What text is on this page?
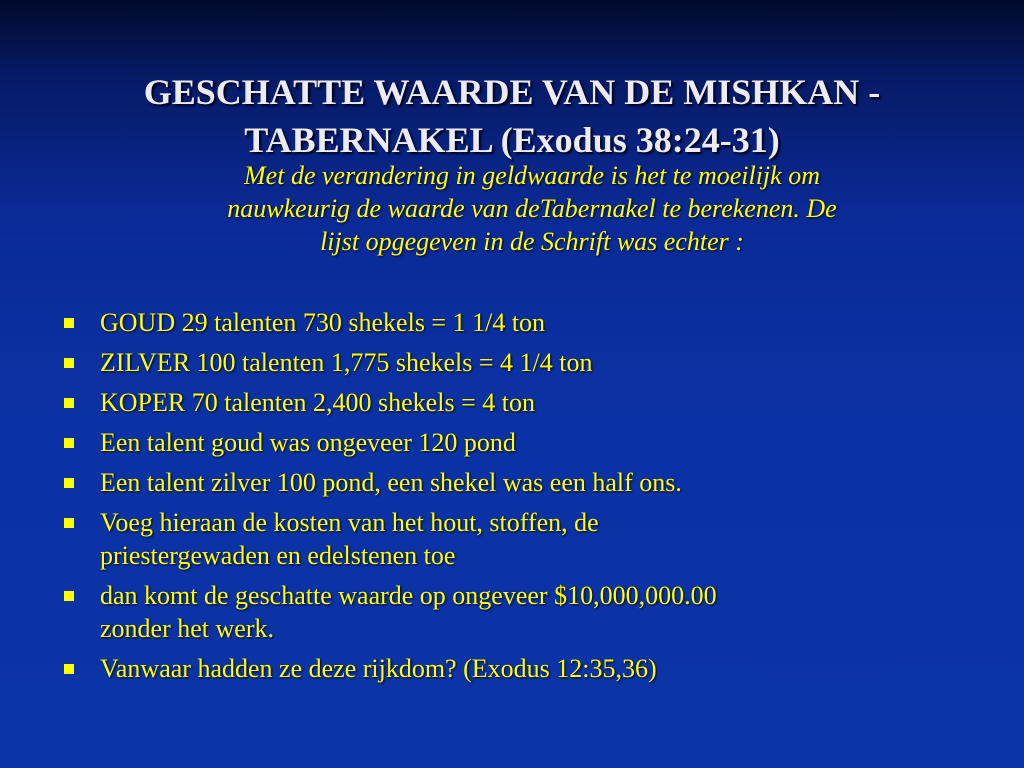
GESCHATTE WAARDE VAN DE MISHKAN -
TABERNAKEL (Exodus 38:24-31)
Met de verandering in geldwaarde is het te moeilijk om
nauwkeurig de waarde van deTabernakel te berekenen. De
lijst opgegeven in de Schrift was echter :
GOUD 29 talenten 730 shekels = 1 1/4 ton
ZILVER 100 talenten 1,775 shekels = 4 1/4 ton
KOPER 70 talenten 2,400 shekels = 4 ton
Een talent goud was ongeveer 120 pond
Een talent zilver 100 pond, een shekel was een half ons.
Voeg hieraan de kosten van het hout, stoffen, de
priestergewaden en edelstenen toe
dan komt de geschatte waarde op ongeveer $10,000,000.00
zonder het werk.
Vanwaar hadden ze deze rijkdom? (Exodus 12:35,36)
